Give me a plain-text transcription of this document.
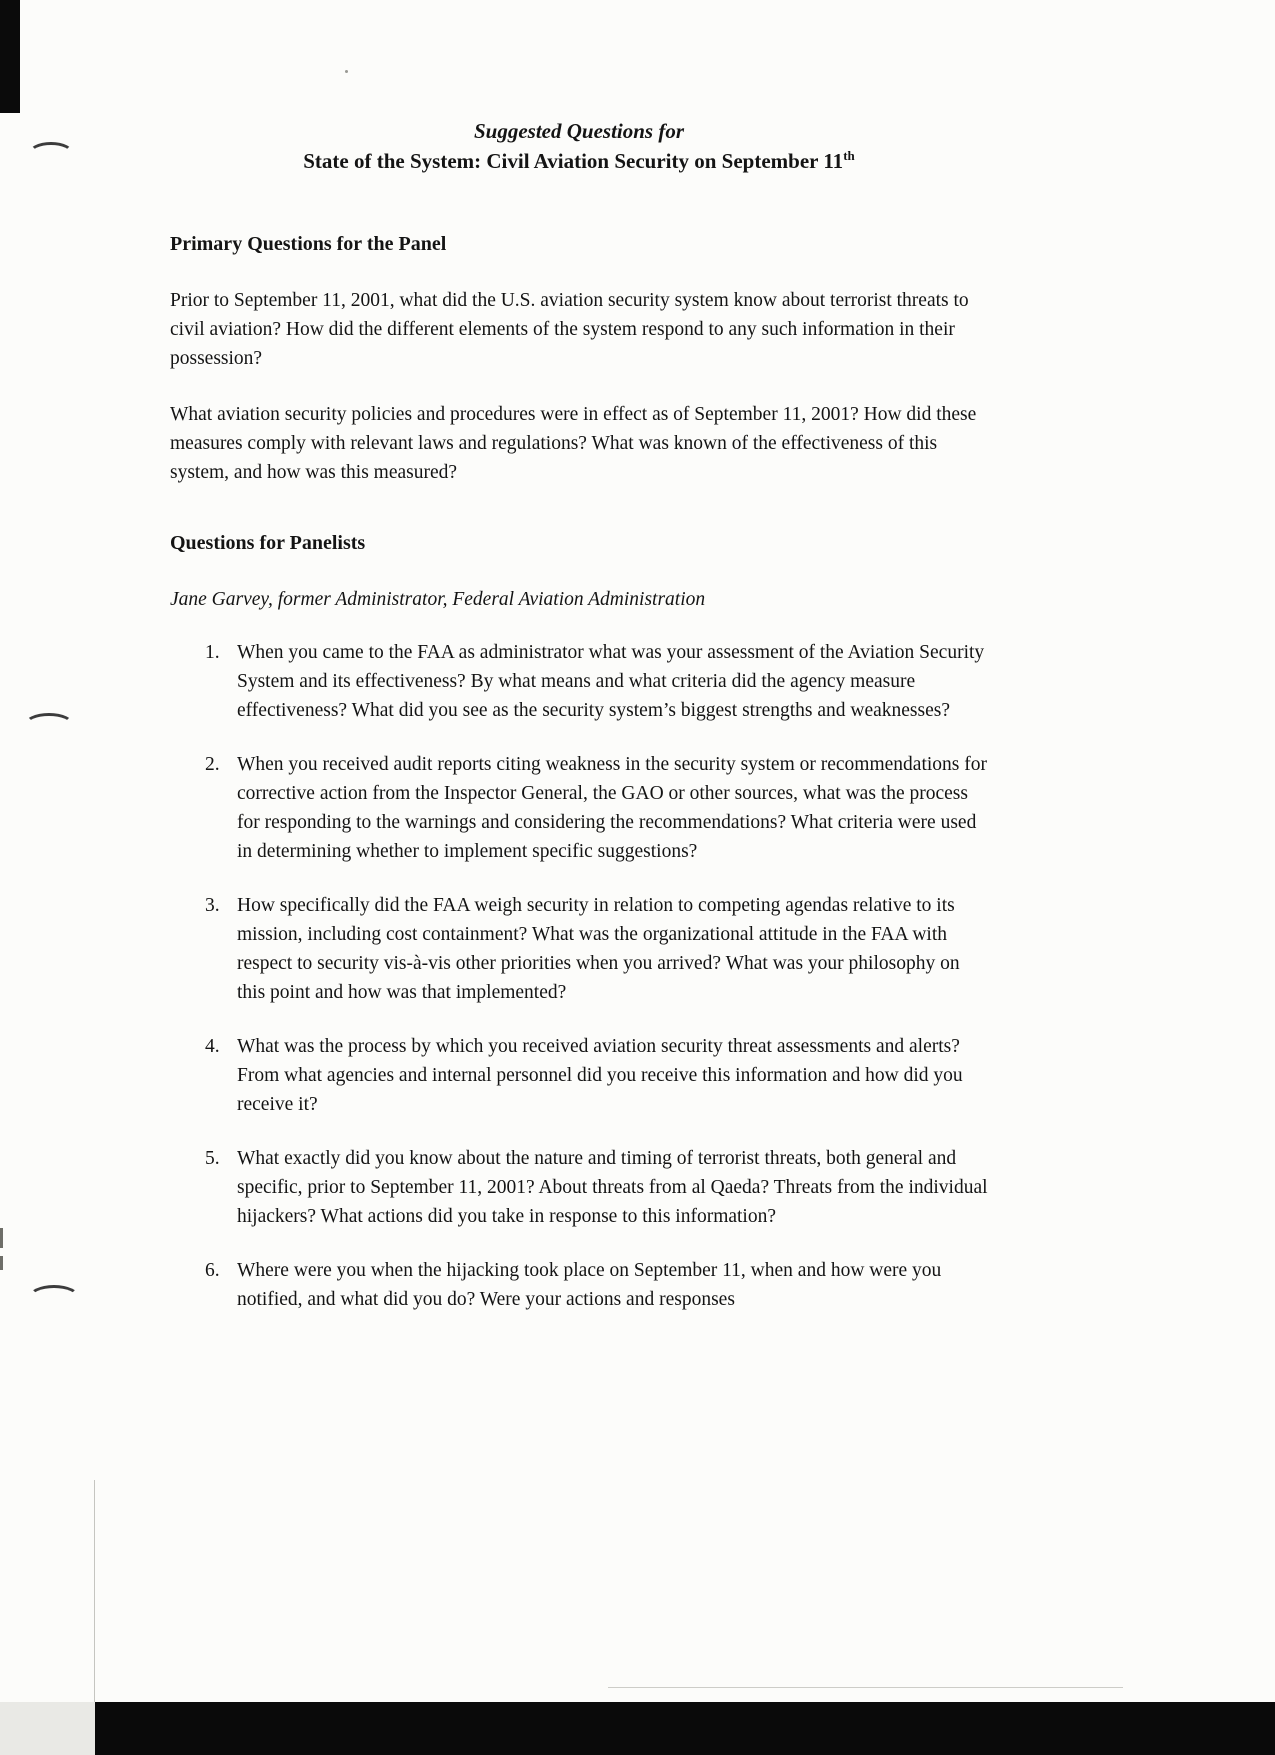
Suggested Questions for
State of the System: Civil Aviation Security on September 11th
Primary Questions for the Panel

Prior to September 11, 2001, what did the U.S. aviation security system know about terrorist threats to civil aviation? How did the different elements of the system respond to any such information in their possession?

What aviation security policies and procedures were in effect as of September 11, 2001? How did these measures comply with relevant laws and regulations? What was known of the effectiveness of this system, and how was this measured?

Questions for Panelists

Jane Garvey, former Administrator, Federal Aviation Administration

1. When you came to the FAA as administrator what was your assessment of the Aviation Security System and its effectiveness? By what means and what criteria did the agency measure effectiveness? What did you see as the security system’s biggest strengths and weaknesses?
2. When you received audit reports citing weakness in the security system or recommendations for corrective action from the Inspector General, the GAO or other sources, what was the process for responding to the warnings and considering the recommendations? What criteria were used in determining whether to implement specific suggestions?
3. How specifically did the FAA weigh security in relation to competing agendas relative to its mission, including cost containment? What was the organizational attitude in the FAA with respect to security vis-à-vis other priorities when you arrived? What was your philosophy on this point and how was that implemented?
4. What was the process by which you received aviation security threat assessments and alerts? From what agencies and internal personnel did you receive this information and how did you receive it?
5. What exactly did you know about the nature and timing of terrorist threats, both general and specific, prior to September 11, 2001? About threats from al Qaeda? Threats from the individual hijackers? What actions did you take in response to this information?
6. Where were you when the hijacking took place on September 11, when and how were you notified, and what did you do? Were your actions and responses
